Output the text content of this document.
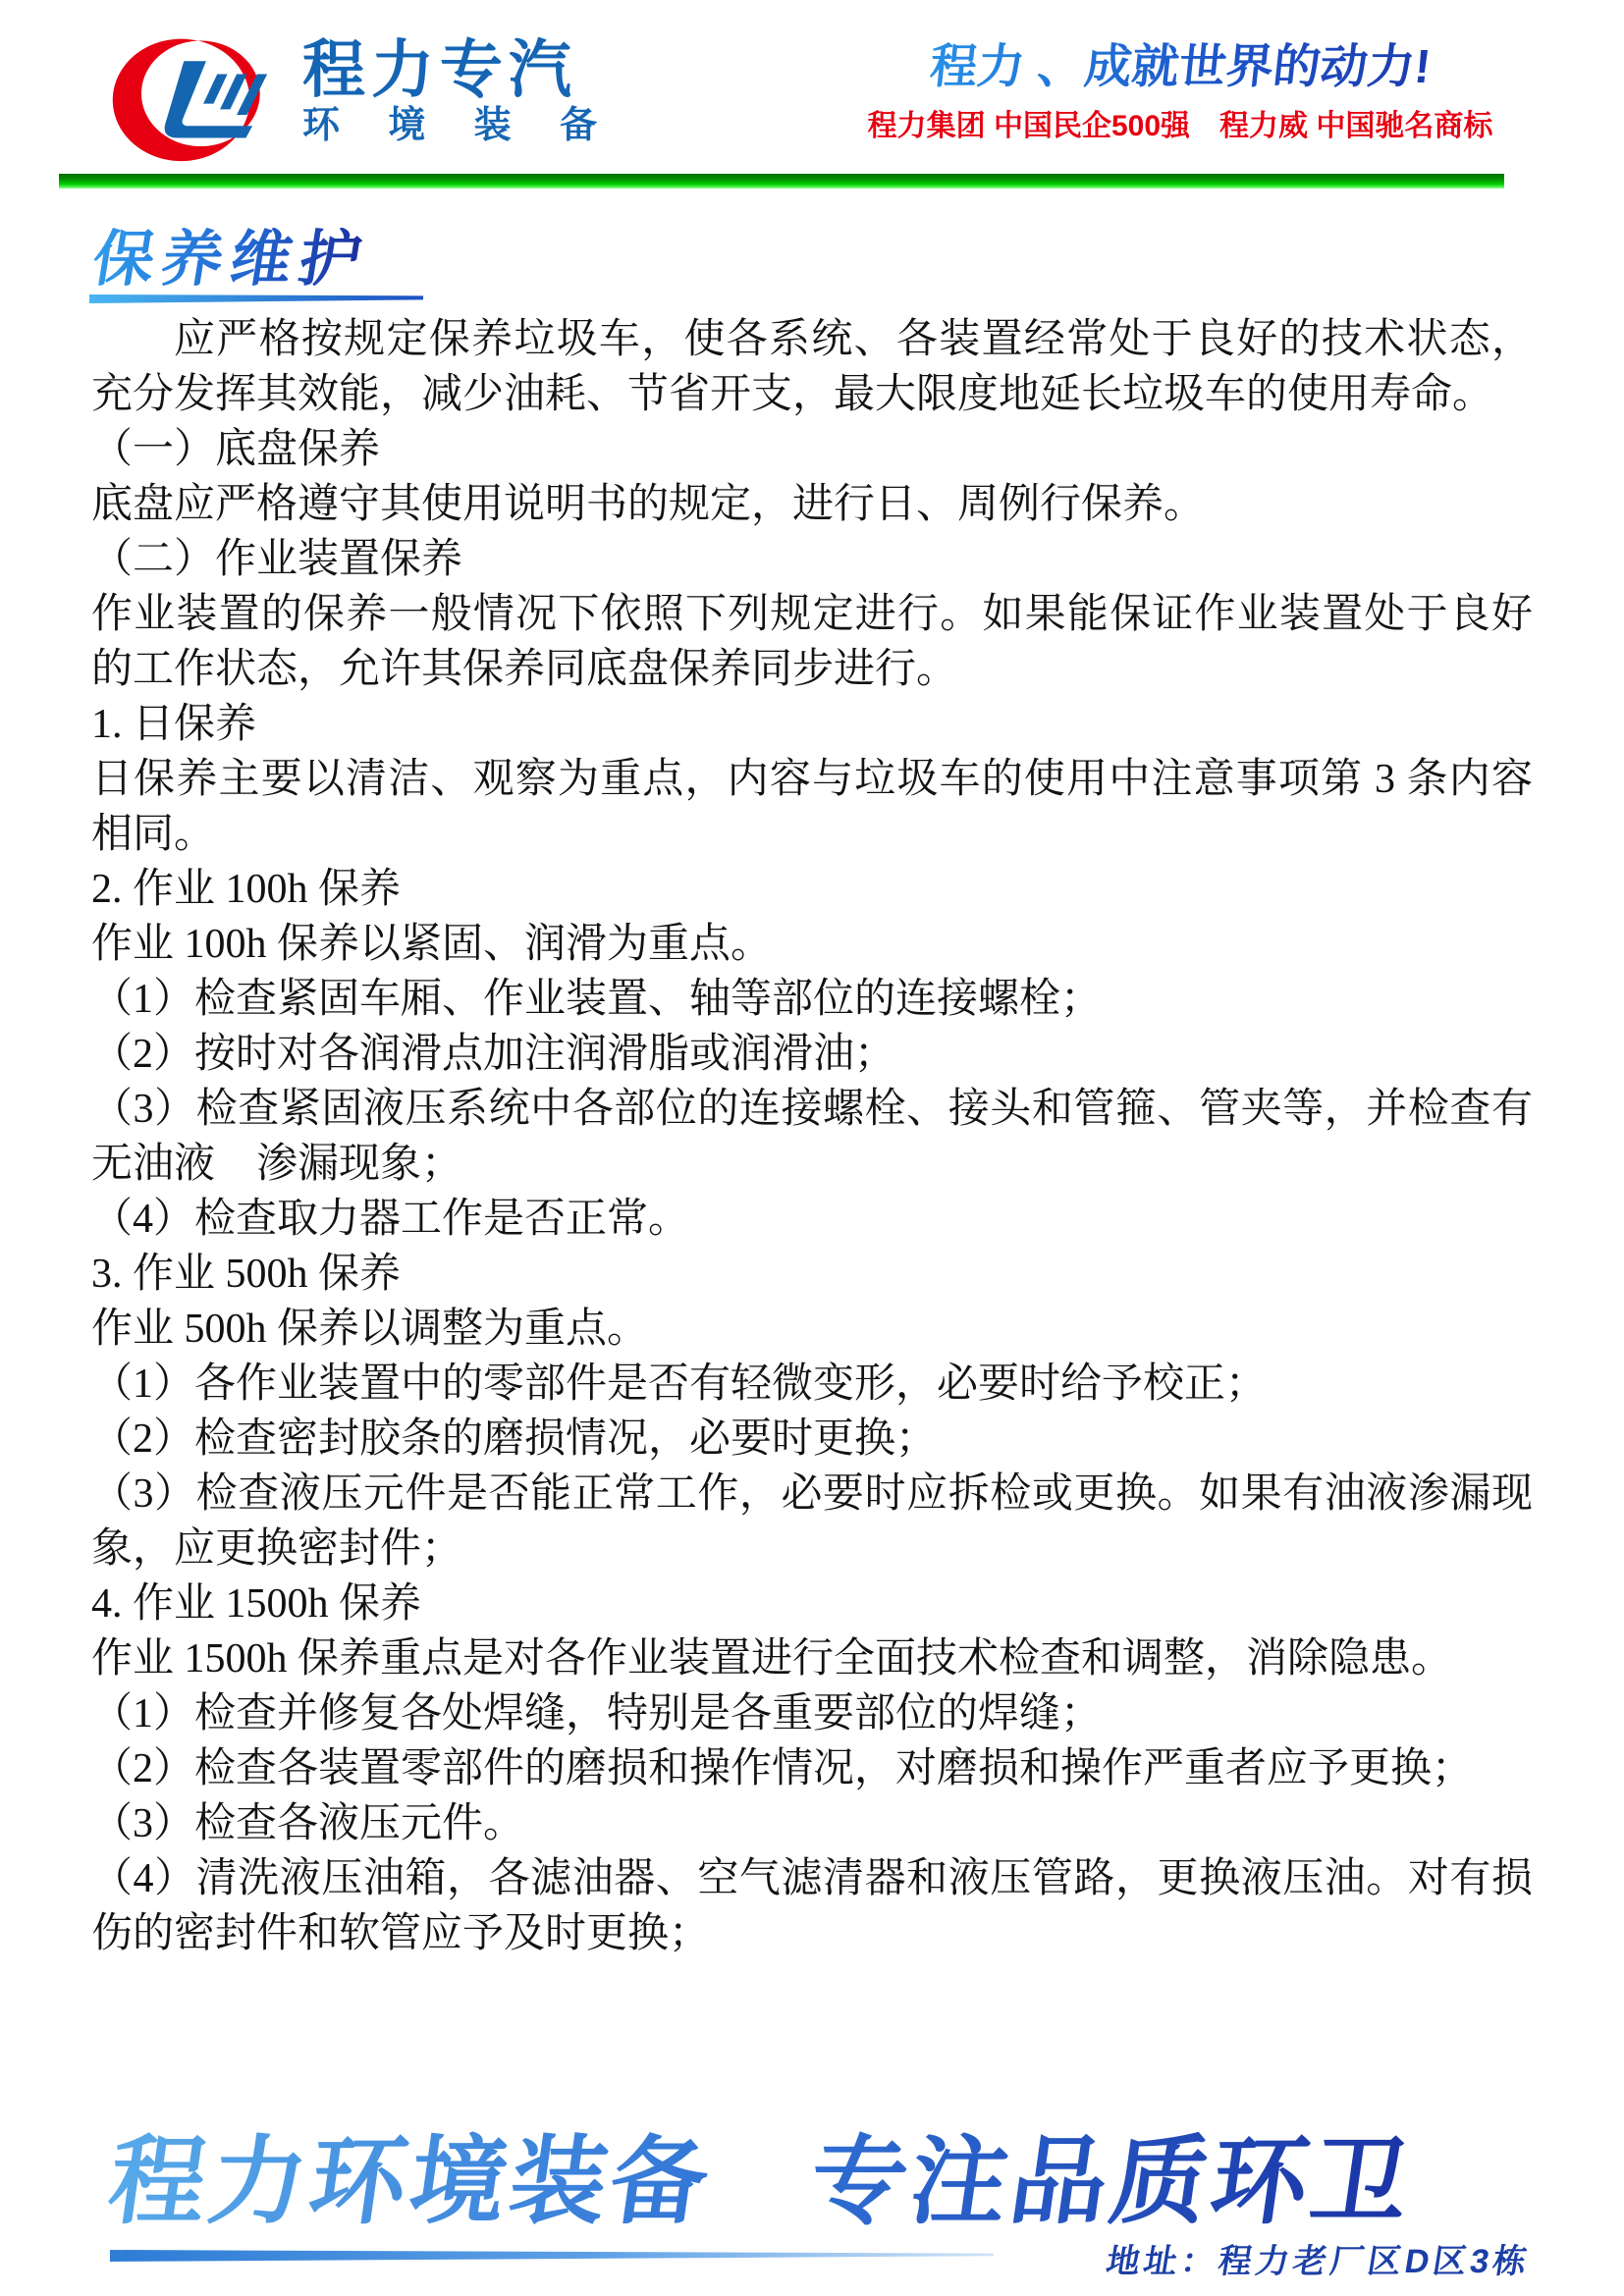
程力专汽
环 境 装 备
程力 、成就世界的动力!
程力集团 中国民企500强　程力威 中国驰名商标
保养维护

应严格按规定保养垃圾车，使各系统、各装置经常处于良好的技术状态，充分发挥其效能，减少油耗、节省开支，最大限度地延长垃圾车的使用寿命。

（一）底盘保养

底盘应严格遵守其使用说明书的规定，进行日、周例行保养。

（二）作业装置保养

作业装置的保养一般情况下依照下列规定进行。如果能保证作业装置处于良好的工作状态，允许其保养同底盘保养同步进行。

1. 日保养

日保养主要以清洁、观察为重点，内容与垃圾车的使用中注意事项第 3 条内容相同。

2. 作业 100h 保养

作业 100h 保养以紧固、润滑为重点。

（1）检查紧固车厢、作业装置、轴等部位的连接螺栓；

（2）按时对各润滑点加注润滑脂或润滑油；

（3）检查紧固液压系统中各部位的连接螺栓、接头和管箍、管夹等，并检查有无油液　渗漏现象；

（4）检查取力器工作是否正常。

3. 作业 500h 保养

作业 500h 保养以调整为重点。

（1）各作业装置中的零部件是否有轻微变形，必要时给予校正；

（2）检查密封胶条的磨损情况，必要时更换；

（3）检查液压元件是否能正常工作，必要时应拆检或更换。如果有油液渗漏现象，应更换密封件；

4. 作业 1500h 保养

作业 1500h 保养重点是对各作业装置进行全面技术检查和调整，消除隐患。

（1）检查并修复各处焊缝，特别是各重要部位的焊缝；

（2）检查各装置零部件的磨损和操作情况，对磨损和操作严重者应予更换；

（3）检查各液压元件。

（4）清洗液压油箱，各滤油器、空气滤清器和液压管路，更换液压油。对有损伤的密封件和软管应予及时更换；

程力环境装备　专注品质环卫
地址：程力老厂区D区3栋
